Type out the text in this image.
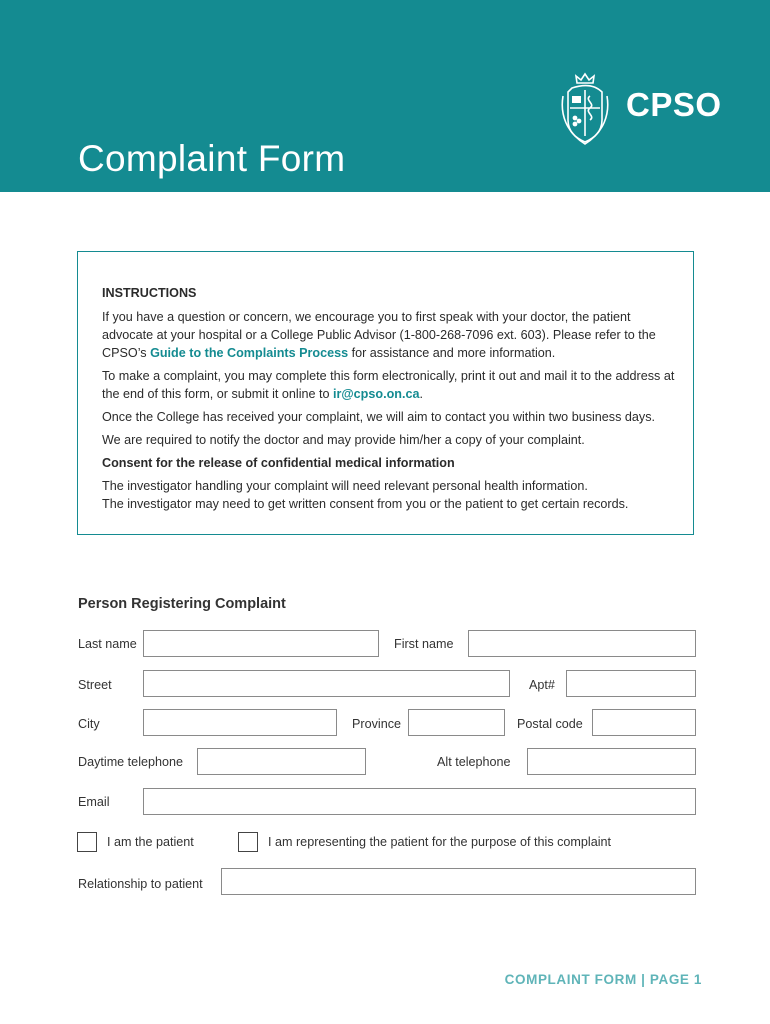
CPSO
Complaint Form
INSTRUCTIONS

If you have a question or concern, we encourage you to first speak with your doctor, the patient advocate at your hospital or a College Public Advisor (1-800-268-7096 ext. 603). Please refer to the CPSO’s Guide to the Complaints Process for assistance and more information.

To make a complaint, you may complete this form electronically, print it out and mail it to the address at the end of this form, or submit it online to ir@cpso.on.ca.

Once the College has received your complaint, we will aim to contact you within two business days.

We are required to notify the doctor and may provide him/her a copy of your complaint.

Consent for the release of confidential medical information

The investigator handling your complaint will need relevant personal health information.
The investigator may need to get written consent from you or the patient to get certain records.

Person Registering Complaint
Last name	First name
Street	Apt#
City	Province	Postal code
Daytime telephone	Alt telephone
Email
I am the patient	I am representing the patient for the purpose of this complaint
Relationship to patient
COMPLAINT FORM | PAGE 1
